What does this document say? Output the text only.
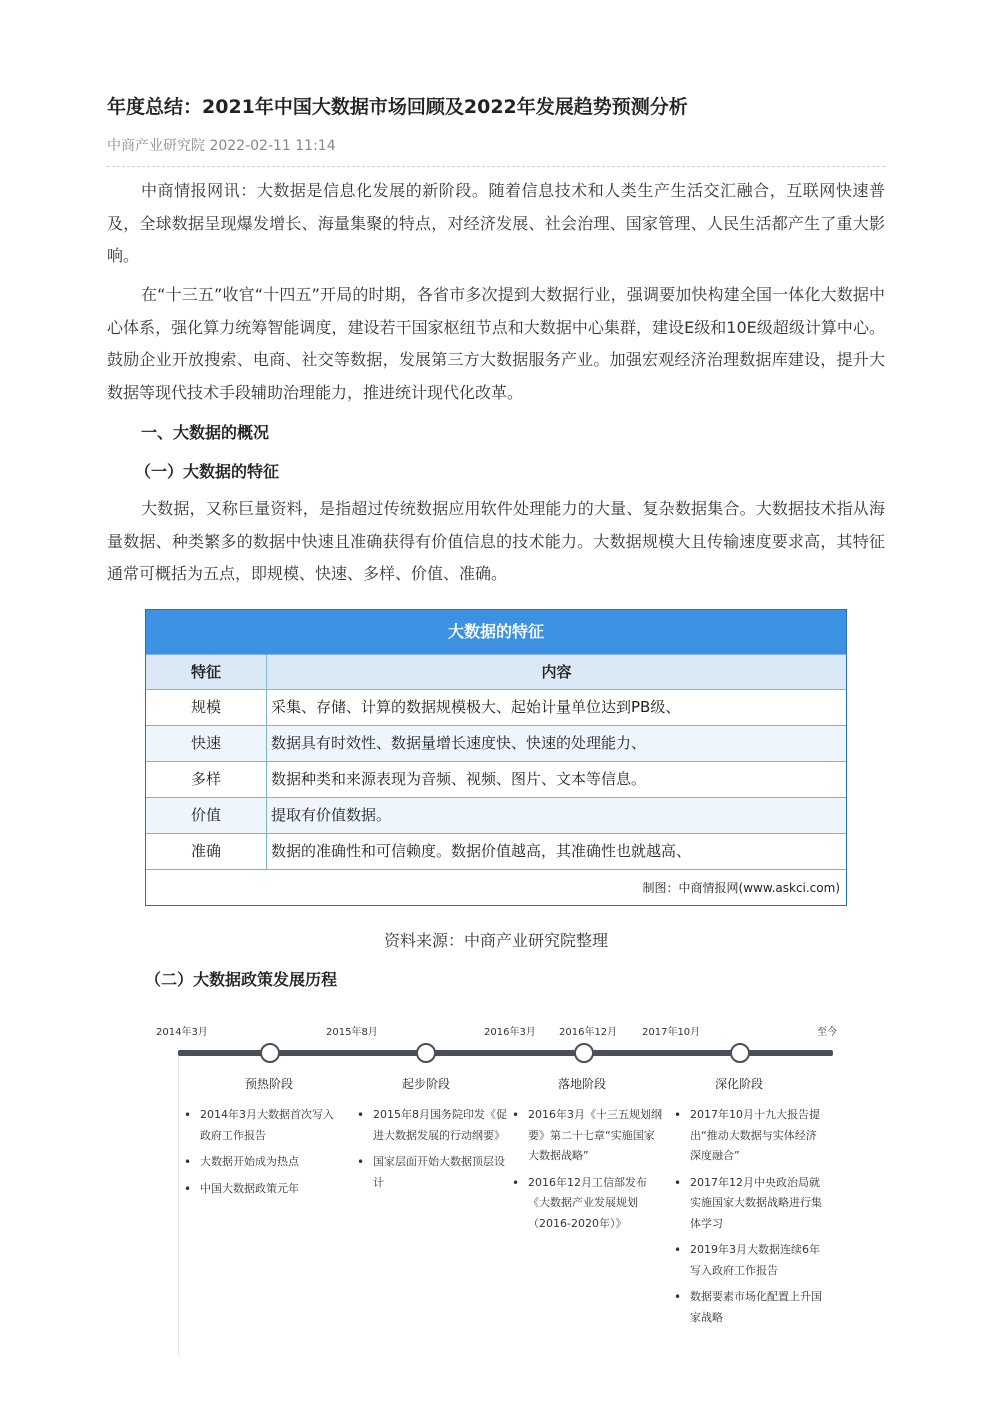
年度总结：2021年中国大数据市场回顾及2022年发展趋势预测分析
中商产业研究院 2022-02-11 11:14

中商情报网讯：大数据是信息化发展的新阶段。随着信息技术和人类生产生活交汇融合，互联网快速普及，全球数据呈现爆发增长、海量集聚的特点，对经济发展、社会治理、国家管理、人民生活都产生了重大影响。

在“十三五”收官“十四五”开局的时期，各省市多次提到大数据行业，强调要加快构建全国一体化大数据中心体系，强化算力统筹智能调度，建设若干国家枢纽节点和大数据中心集群，建设E级和10E级超级计算中心。鼓励企业开放搜索、电商、社交等数据，发展第三方大数据服务产业。加强宏观经济治理数据库建设，提升大数据等现代技术手段辅助治理能力，推进统计现代化改革。

一、大数据的概况
（一）大数据的特征

大数据，又称巨量资料，是指超过传统数据应用软件处理能力的大量、复杂数据集合。大数据技术指从海量数据、种类繁多的数据中快速且准确获得有价值信息的技术能力。大数据规模大且传输速度要求高，其特征通常可概括为五点，即规模、快速、多样、价值、准确。

大数据的特征
特征	内容
规模	采集、存储、计算的数据规模极大、起始计量单位达到PB级、
快速	数据具有时效性、数据量增长速度快、快速的处理能力、
多样	数据种类和来源表现为音频、视频、图片、文本等信息。
价值	提取有价值数据。
准确	数据的准确性和可信赖度。数据价值越高，其准确性也就越高、
制图：中商情报网(www.askci.com)
资料来源：中商产业研究院整理
（二）大数据政策发展历程
2014年3月	2015年8月	2016年3月 2016年12月 2017年10月	至今
预热阶段	起步阶段	落地阶段	深化阶段
• 2014年3月大数据首次写入政府工作报告
• 大数据开始成为热点
• 中国大数据政策元年
• 2015年8月国务院印发《促进大数据发展的行动纲要》
• 国家层面开始大数据顶层设计
• 2016年3月《十三五规划纲要》第二十七章“实施国家大数据战略”
• 2016年12月工信部发布《大数据产业发展规划（2016-2020年）》
• 2017年10月十九大报告提出“推动大数据与实体经济深度融合”
• 2017年12月中央政治局就实施国家大数据战略进行集体学习
• 2019年3月大数据连续6年写入政府工作报告
• 数据要素市场化配置上升国家战略
